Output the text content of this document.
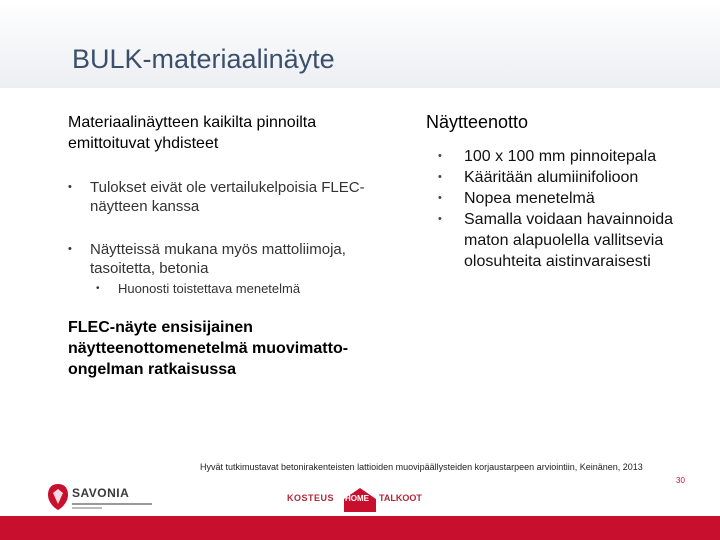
BULK-materiaalinäyte
Materiaalinäytteen kaikilta pinnoilta emittoituvat yhdisteet
• Tulokset eivät ole vertailukelpoisia FLEC-näytteen kanssa
• Näytteissä mukana myös mattoliimoja, tasoitetta, betonia
• Huonosti toistettava menetelmä
FLEC-näyte ensisijainen näytteenottomenetelmä muovimatto-ongelman ratkaisussa
Näytteenotto
• 100 x 100 mm pinnoitepala
• Kääritään alumiinifolioon
• Nopea menetelmä
• Samalla voidaan havainnoida maton alapuolella vallitsevia olosuhteita aistinvaraisesti
Hyvät tutkimustavat betonirakenteisten lattioiden muovipäällysteiden korjaustarpeen arviointiin, Keinänen, 2013
SAVONIA	KOSTEUS HOME TALKOOT
30
